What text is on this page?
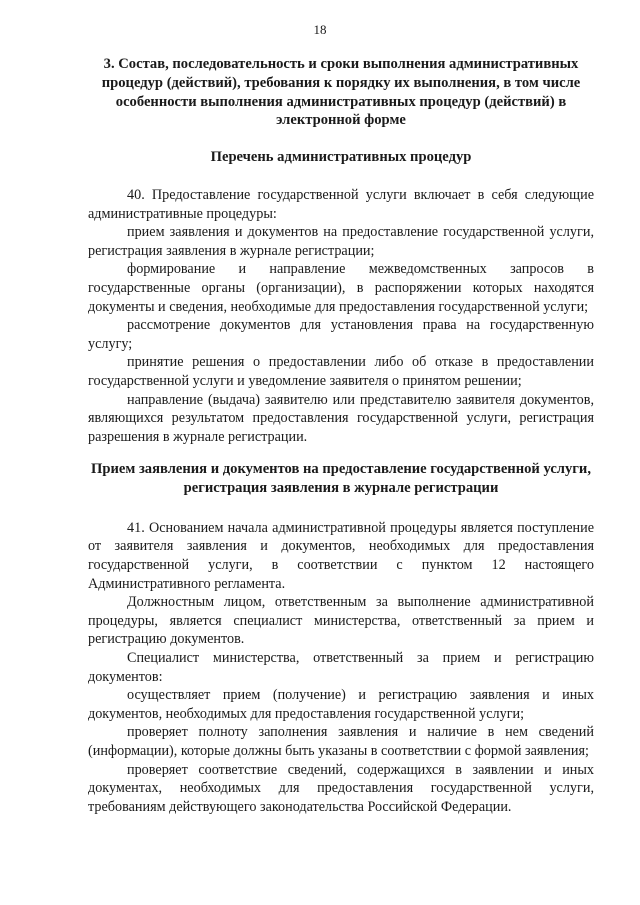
18
3. Состав, последовательность и сроки выполнения административных процедур (действий), требования к порядку их выполнения, в том числе особенности выполнения административных процедур (действий) в электронной форме
Перечень административных процедур

40. Предоставление государственной услуги включает в себя следующие административные процедуры:

прием заявления и документов на предоставление государственной услуги, регистрация заявления в журнале регистрации;

формирование и направление межведомственных запросов в государственные органы (организации), в распоряжении которых находятся документы и сведения, необходимые для предоставления государственной услуги;

рассмотрение документов для установления права на государственную услугу;

принятие решения о предоставлении либо об отказе в предоставлении государственной услуги и уведомление заявителя о принятом решении;

направление (выдача) заявителю или представителю заявителя документов, являющихся результатом предоставления государственной услуги, регистрация разрешения в журнале регистрации.

Прием заявления и документов на предоставление государственной услуги, регистрация заявления в журнале регистрации

41. Основанием начала административной процедуры является поступление от заявителя заявления и документов, необходимых для предоставления государственной услуги, в соответствии с пунктом 12 настоящего Административного регламента.

Должностным лицом, ответственным за выполнение административной процедуры, является специалист министерства, ответственный за прием и регистрацию документов.

Специалист министерства, ответственный за прием и регистрацию документов:

осуществляет прием (получение) и регистрацию заявления и иных документов, необходимых для предоставления государственной услуги;

проверяет полноту заполнения заявления и наличие в нем сведений (информации), которые должны быть указаны в соответствии с формой заявления;

проверяет соответствие сведений, содержащихся в заявлении и иных документах, необходимых для предоставления государственной услуги, требованиям действующего законодательства Российской Федерации.
